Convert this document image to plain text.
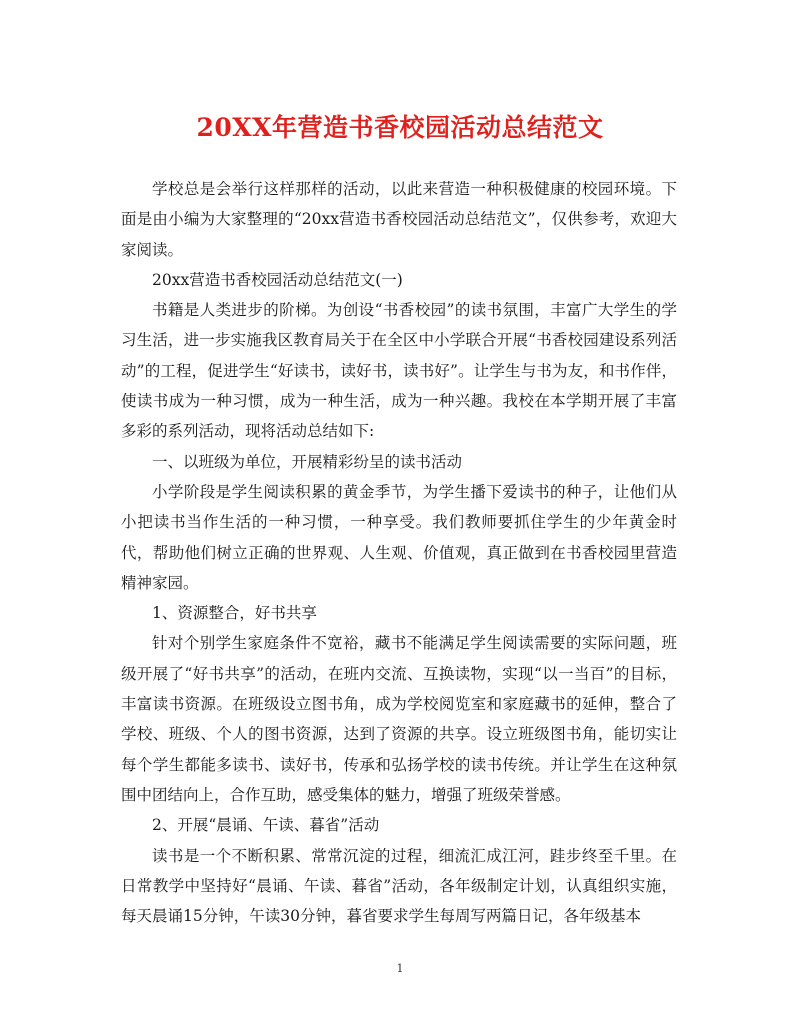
20XX年营造书香校园活动总结范文

学校总是会举行这样那样的活动，以此来营造一种积极健康的校园环境。下面是由小编为大家整理的“20xx营造书香校园活动总结范文”，仅供参考，欢迎大家阅读。

20xx营造书香校园活动总结范文(一)

书籍是人类进步的阶梯。为创设“书香校园”的读书氛围，丰富广大学生的学习生活，进一步实施我区教育局关于在全区中小学联合开展“书香校园建设系列活动”的工程，促进学生“好读书，读好书，读书好”。让学生与书为友，和书作伴，使读书成为一种习惯，成为一种生活，成为一种兴趣。我校在本学期开展了丰富多彩的系列活动，现将活动总结如下:

一、以班级为单位，开展精彩纷呈的读书活动

小学阶段是学生阅读积累的黄金季节，为学生播下爱读书的种子，让他们从小把读书当作生活的一种习惯，一种享受。我们教师要抓住学生的少年黄金时代，帮助他们树立正确的世界观、人生观、价值观，真正做到在书香校园里营造精神家园。

1、资源整合，好书共享

针对个别学生家庭条件不宽裕，藏书不能满足学生阅读需要的实际问题，班级开展了“好书共享”的活动，在班内交流、互换读物，实现“以一当百”的目标，丰富读书资源。在班级设立图书角，成为学校阅览室和家庭藏书的延伸，整合了学校、班级、个人的图书资源，达到了资源的共享。设立班级图书角，能切实让每个学生都能多读书、读好书，传承和弘扬学校的读书传统。并让学生在这种氛围中团结向上，合作互助，感受集体的魅力，增强了班级荣誉感。

2、开展“晨诵、午读、暮省”活动

读书是一个不断积累、常常沉淀的过程，细流汇成江河，跬步终至千里。在日常教学中坚持好“晨诵、午读、暮省”活动，各年级制定计划，认真组织实施，每天晨诵15分钟，午读30分钟，暮省要求学生每周写两篇日记，各年级基本

1
